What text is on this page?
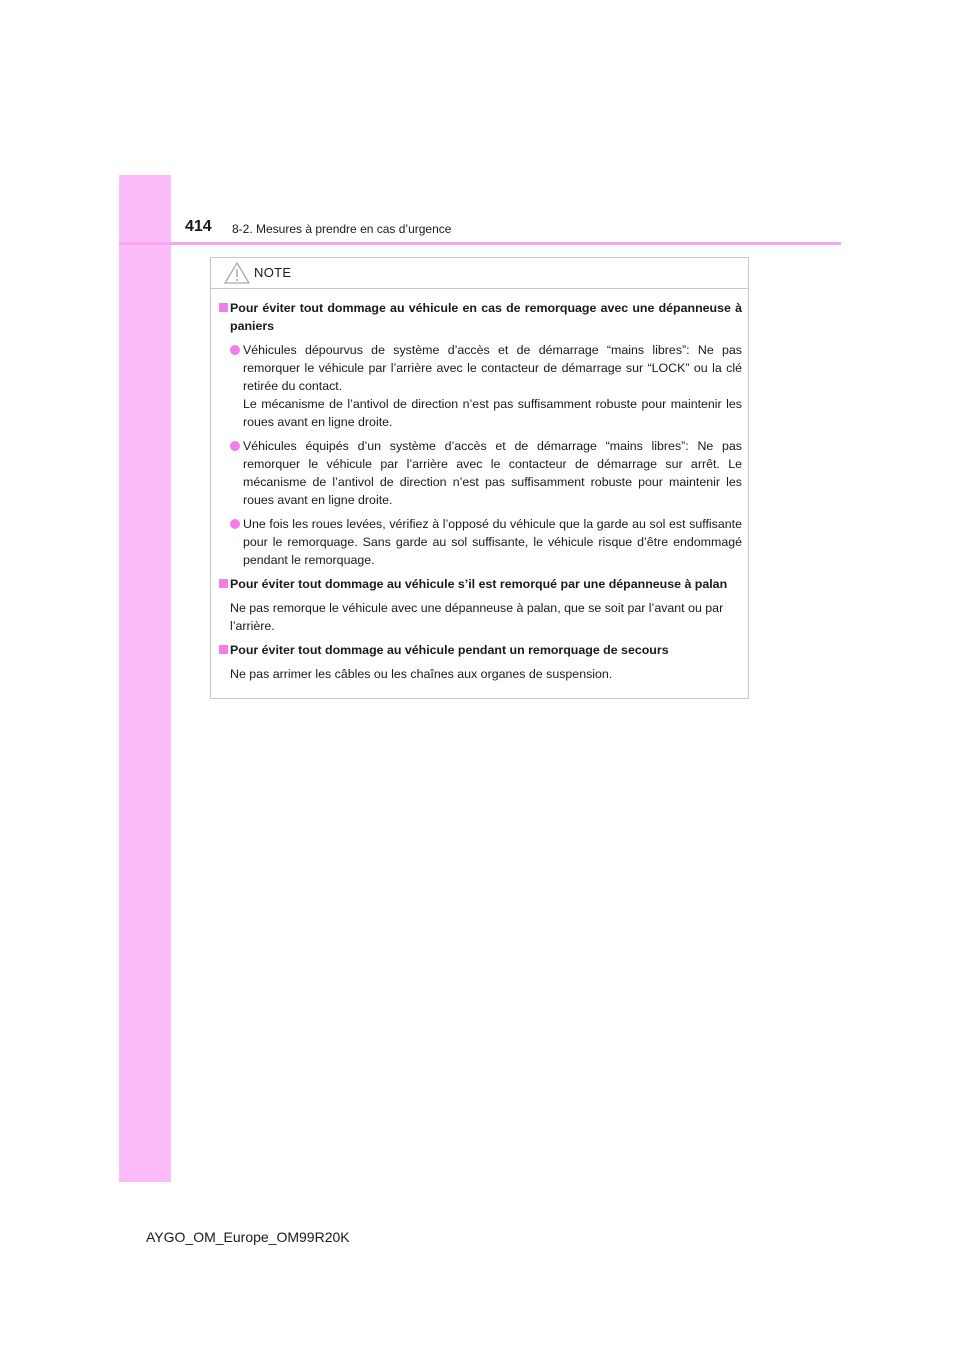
414 8-2. Mesures à prendre en cas d’urgence
NOTE
Pour éviter tout dommage au véhicule en cas de remorquage avec une dépanneuse à paniers

Véhicules dépourvus de système d’accès et de démarrage “mains libres”: Ne pas remorquer le véhicule par l’arrière avec le contacteur de démarrage sur “LOCK” ou la clé retirée du contact.

Le mécanisme de l’antivol de direction n’est pas suffisamment robuste pour maintenir les roues avant en ligne droite.

Véhicules équipés d’un système d’accès et de démarrage “mains libres”: Ne pas remorquer le véhicule par l’arrière avec le contacteur de démarrage sur arrêt. Le mécanisme de l’antivol de direction n’est pas suffisamment robuste pour maintenir les roues avant en ligne droite.

Une fois les roues levées, vérifiez à l’opposé du véhicule que la garde au sol est suffisante pour le remorquage. Sans garde au sol suffisante, le véhicule risque d’être endommagé pendant le remorquage.

Pour éviter tout dommage au véhicule s’il est remorqué par une dépanneuse à palan

Ne pas remorque le véhicule avec une dépanneuse à palan, que se soit par l’avant ou par l’arrière.

Pour éviter tout dommage au véhicule pendant un remorquage de secours

Ne pas arrimer les câbles ou les chaînes aux organes de suspension.

AYGO_OM_Europe_OM99R20K
